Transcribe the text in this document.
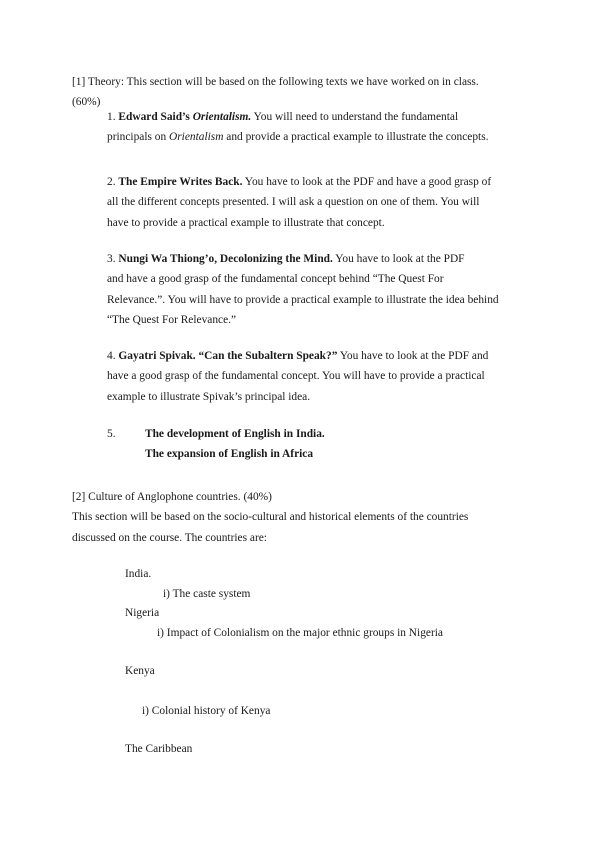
[1] Theory: This section will be based on the following texts we have worked on in class.
(60%)
1. Edward Said’s Orientalism. You will need to understand the fundamental
principals on Orientalism and provide a practical example to illustrate the concepts.
2. The Empire Writes Back. You have to look at the PDF and have a good grasp of
all the different concepts presented. I will ask a question on one of them. You will
have to provide a practical example to illustrate that concept.
3. Nungi Wa Thiong’o, Decolonizing the Mind. You have to look at the PDF
and have a good grasp of the fundamental concept behind “The Quest For
Relevance.”. You will have to provide a practical example to illustrate the idea behind
“The Quest For Relevance.”
4. Gayatri Spivak. “Can the Subaltern Speak?” You have to look at the PDF and
have a good grasp of the fundamental concept. You will have to provide a practical
example to illustrate Spivak’s principal idea.
5.	The development of English in India.
The expansion of English in Africa
[2] Culture of Anglophone countries. (40%)
This section will be based on the socio-cultural and historical elements of the countries
discussed on the course. The countries are:
India.
i) The caste system
Nigeria
i) Impact of Colonialism on the major ethnic groups in Nigeria
Kenya
i) Colonial history of Kenya
The Caribbean
